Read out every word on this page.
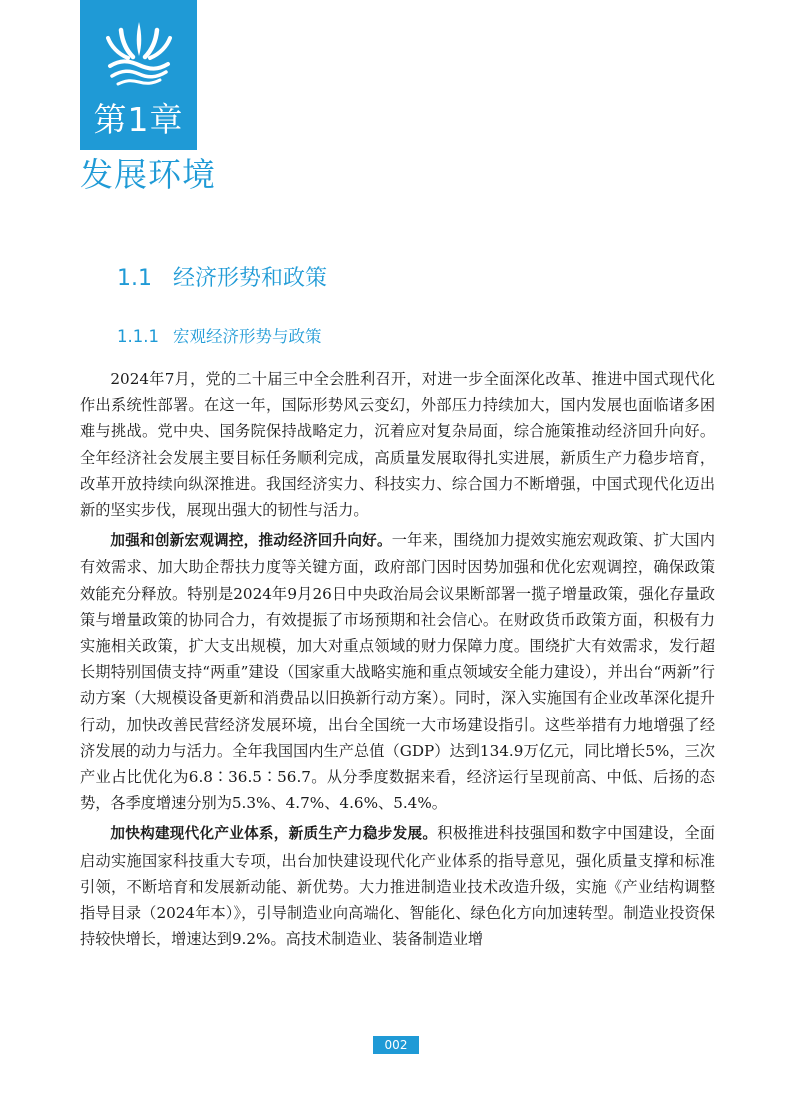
第1章
发展环境
1.1 经济形势和政策
1.1.1 宏观经济形势与政策

2024年7月，党的二十届三中全会胜利召开，对进一步全面深化改革、推进中国式现代化作出系统性部署。在这一年，国际形势风云变幻，外部压力持续加大，国内发展也面临诸多困难与挑战。党中央、国务院保持战略定力，沉着应对复杂局面，综合施策推动经济回升向好。全年经济社会发展主要目标任务顺利完成，高质量发展取得扎实进展，新质生产力稳步培育，改革开放持续向纵深推进。我国经济实力、科技实力、综合国力不断增强，中国式现代化迈出新的坚实步伐，展现出强大的韧性与活力。

加强和创新宏观调控，推动经济回升向好。一年来，围绕加力提效实施宏观政策、扩大国内有效需求、加大助企帮扶力度等关键方面，政府部门因时因势加强和优化宏观调控，确保政策效能充分释放。特别是2024年9月26日中央政治局会议果断部署一揽子增量政策，强化存量政策与增量政策的协同合力，有效提振了市场预期和社会信心。在财政货币政策方面，积极有力实施相关政策，扩大支出规模，加大对重点领域的财力保障力度。围绕扩大有效需求，发行超长期特别国债支持“两重”建设（国家重大战略实施和重点领域安全能力建设），并出台“两新”行动方案（大规模设备更新和消费品以旧换新行动方案）。同时，深入实施国有企业改革深化提升行动，加快改善民营经济发展环境，出台全国统一大市场建设指引。这些举措有力地增强了经济发展的动力与活力。全年我国国内生产总值（GDP）达到134.9万亿元，同比增长5%，三次产业占比优化为6.8∶36.5∶56.7。从分季度数据来看，经济运行呈现前高、中低、后扬的态势，各季度增速分别为5.3%、4.7%、4.6%、5.4%。

加快构建现代化产业体系，新质生产力稳步发展。积极推进科技强国和数字中国建设，全面启动实施国家科技重大专项，出台加快建设现代化产业体系的指导意见，强化质量支撑和标准引领，不断培育和发展新动能、新优势。大力推进制造业技术改造升级，实施《产业结构调整指导目录（2024年本）》，引导制造业向高端化、智能化、绿色化方向加速转型。制造业投资保持较快增长，增速达到9.2%。高技术制造业、装备制造业增

002
